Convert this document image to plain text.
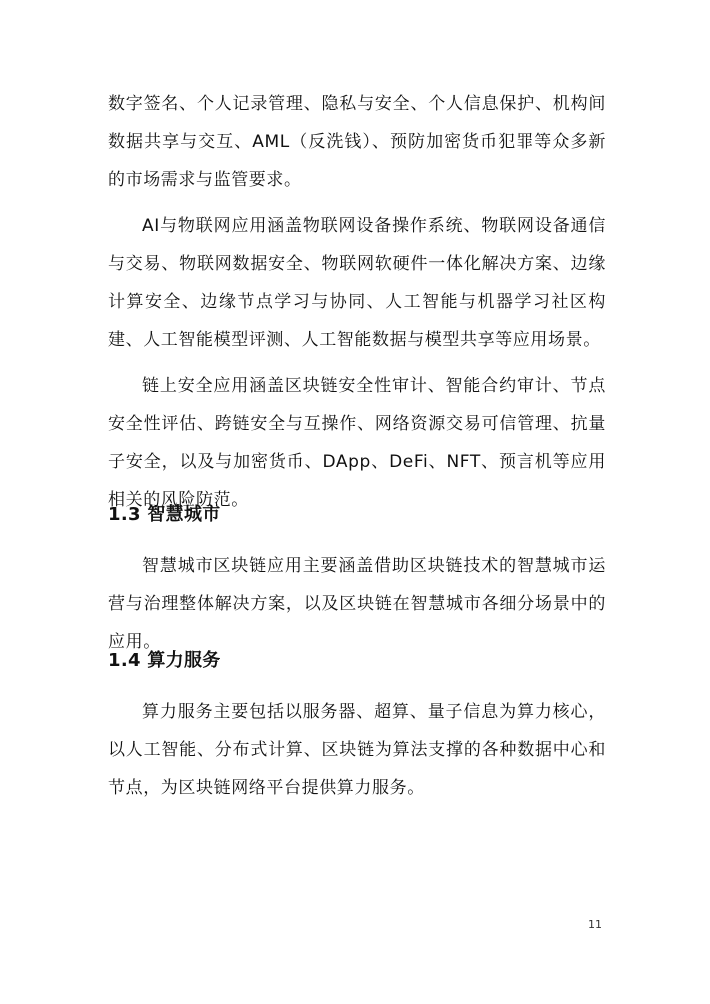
数字签名、个人记录管理、隐私与安全、个人信息保护、机构间数据共享与交互、AML（反洗钱）、预防加密货币犯罪等众多新的市场需求与监管要求。

AI与物联网应用涵盖物联网设备操作系统、物联网设备通信与交易、物联网数据安全、物联网软硬件一体化解决方案、边缘计算安全、边缘节点学习与协同、人工智能与机器学习社区构建、人工智能模型评测、人工智能数据与模型共享等应用场景。

链上安全应用涵盖区块链安全性审计、智能合约审计、节点安全性评估、跨链安全与互操作、网络资源交易可信管理、抗量子安全，以及与加密货币、DApp、DeFi、NFT、预言机等应用相关的风险防范。

1.3 智慧城市

智慧城市区块链应用主要涵盖借助区块链技术的智慧城市运营与治理整体解决方案，以及区块链在智慧城市各细分场景中的应用。

1.4 算力服务

算力服务主要包括以服务器、超算、量子信息为算力核心，以人工智能、分布式计算、区块链为算法支撑的各种数据中心和节点，为区块链网络平台提供算力服务。

11
